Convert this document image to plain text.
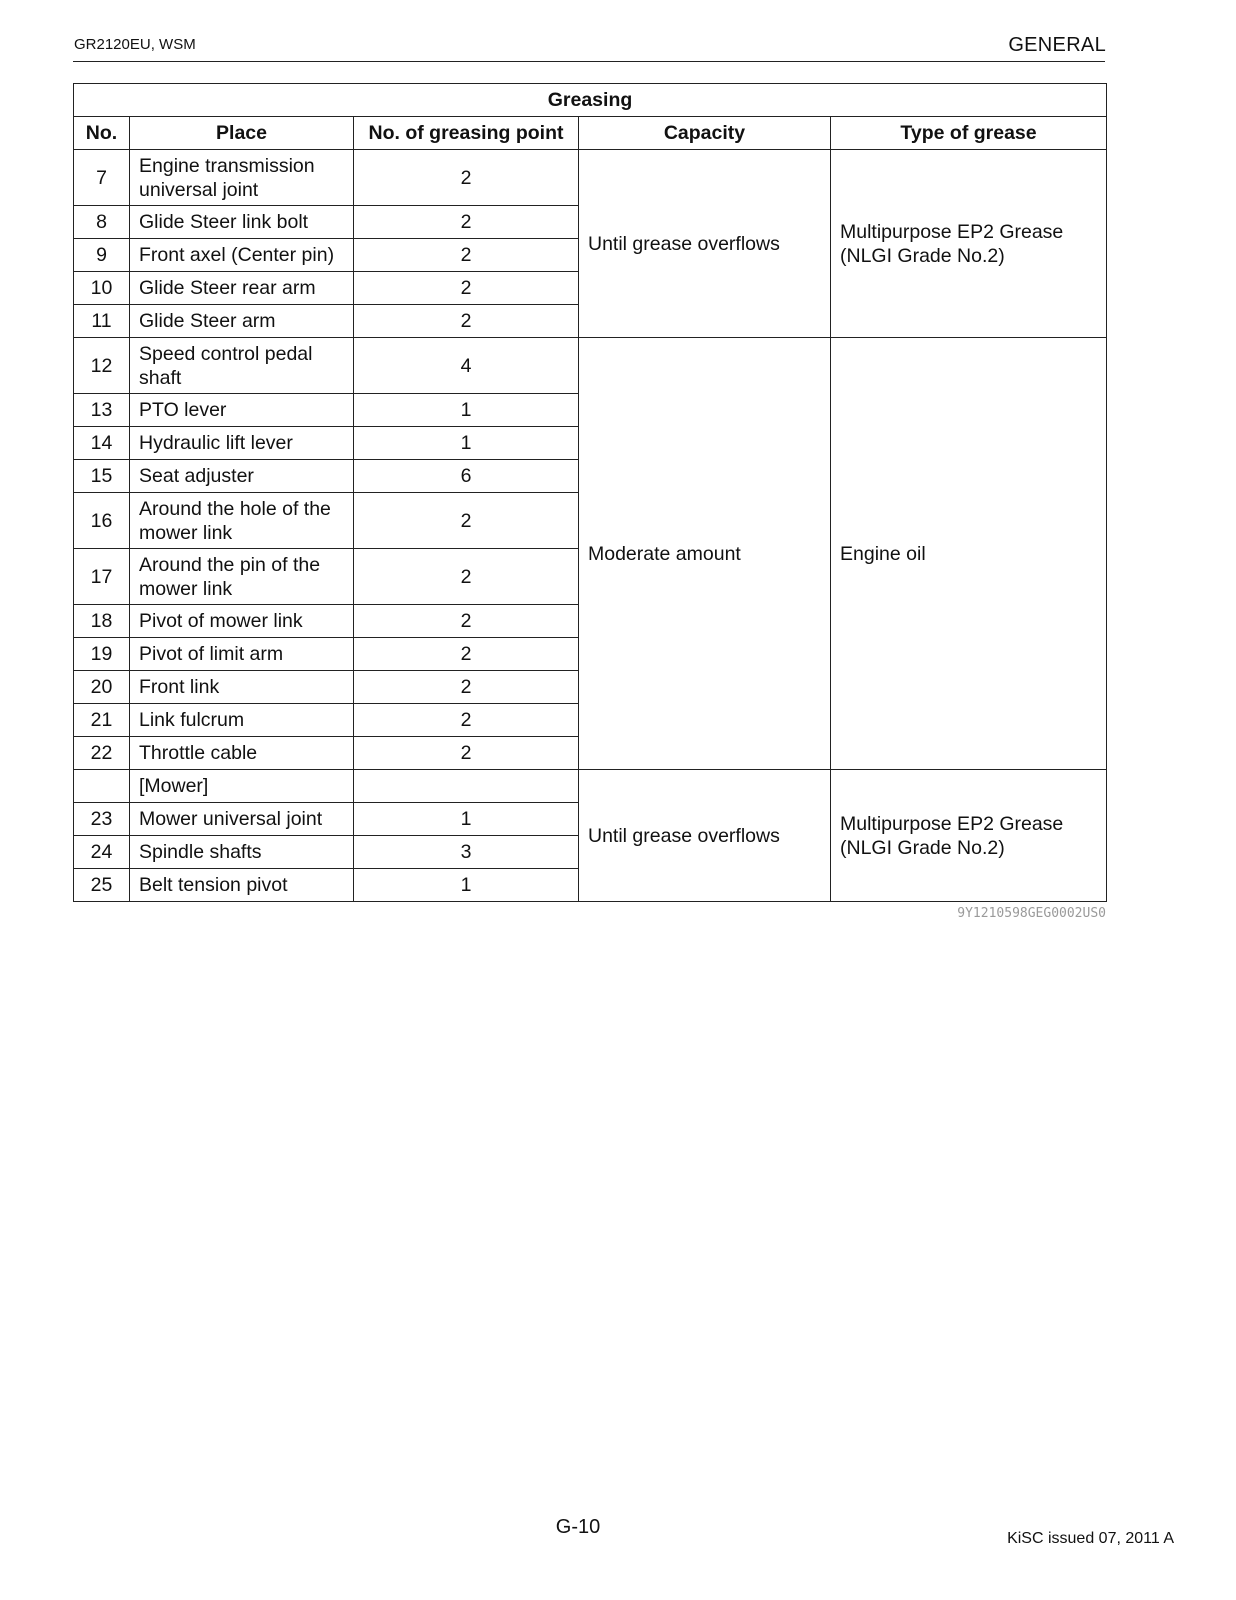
GR2120EU, WSM	GENERAL
Greasing				
No.	Place	No. of greasing point	Capacity	Type of grease
7	Engine transmission universal joint	2	Until grease overflows	Multipurpose EP2 Grease (NLGI Grade No.2)
8	Glide Steer link bolt	2		
9	Front axel (Center pin)	2		
10	Glide Steer rear arm	2		
11	Glide Steer arm	2		
12	Speed control pedal shaft	4	Moderate amount	Engine oil
13	PTO lever	1		
14	Hydraulic lift lever	1		
15	Seat adjuster	6		
16	Around the hole of the mower link	2		
17	Around the pin of the mower link	2		
18	Pivot of mower link	2		
19	Pivot of limit arm	2		
20	Front link	2		
21	Link fulcrum	2		
22	Throttle cable	2		
	[Mower]		Until grease overflows	Multipurpose EP2 Grease (NLGI Grade No.2)
23	Mower universal joint	1		
24	Spindle shafts	3		
25	Belt tension pivot	1		
9Y1210598GEG0002US0
G-10
KiSC issued 07, 2011 A
